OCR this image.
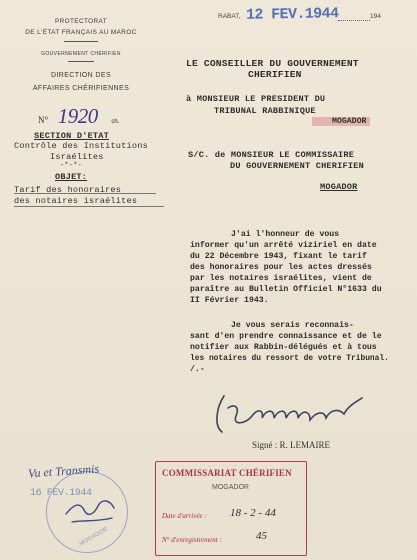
PROTECTORAT
DE L'ÉTAT FRANÇAIS AU MAROC
GOUVERNEMENT CHÉRIFIEN
DIRECTION DES
AFFAIRES CHÉRIFIENNES
N° 1920 ch.
SECTION D'ETAT
Contrôle des Institutions
Israélites
-*-*-
OBJET:
Tarif des honoraires
des notaires israélites
RABAT, 12 FEV.1944	194
LE CONSEILLER DU GOUVERNEMENT
CHERIFIEN
à MONSIEUR LE PRESIDENT DU
TRIBUNAL RABBINIQUE
MOGADOR
S/C. de MONSIEUR LE COMMISSAIRE
DU GOUVERNEMENT CHERIFIEN
MOGADOR
J'ai l'honneur de vous
informer qu'un arrêté viziriel en date
du 22 Décembre 1943, fixant le tarif
des honoraires pour les actes dressés
par les notaires israélites, vient de
paraître au Bulletin Officiel N°1633 du
II Février 1943.
Je vous serais reconnais-
sant d'en prendre connaissance et de le
notifier aux Rabbin-délégués et à tous
les notaires du ressort de votre Tribunal.
/.-
Signé : R. LEMAIRE
16 FEV.1944
MOGADOR
Vu et Transmis	COMMISSARIAT CHÉRIFIEN
MOGADOR
Date d'arrivée : 18 - 2 - 44
N° d'enregistrement :	45
